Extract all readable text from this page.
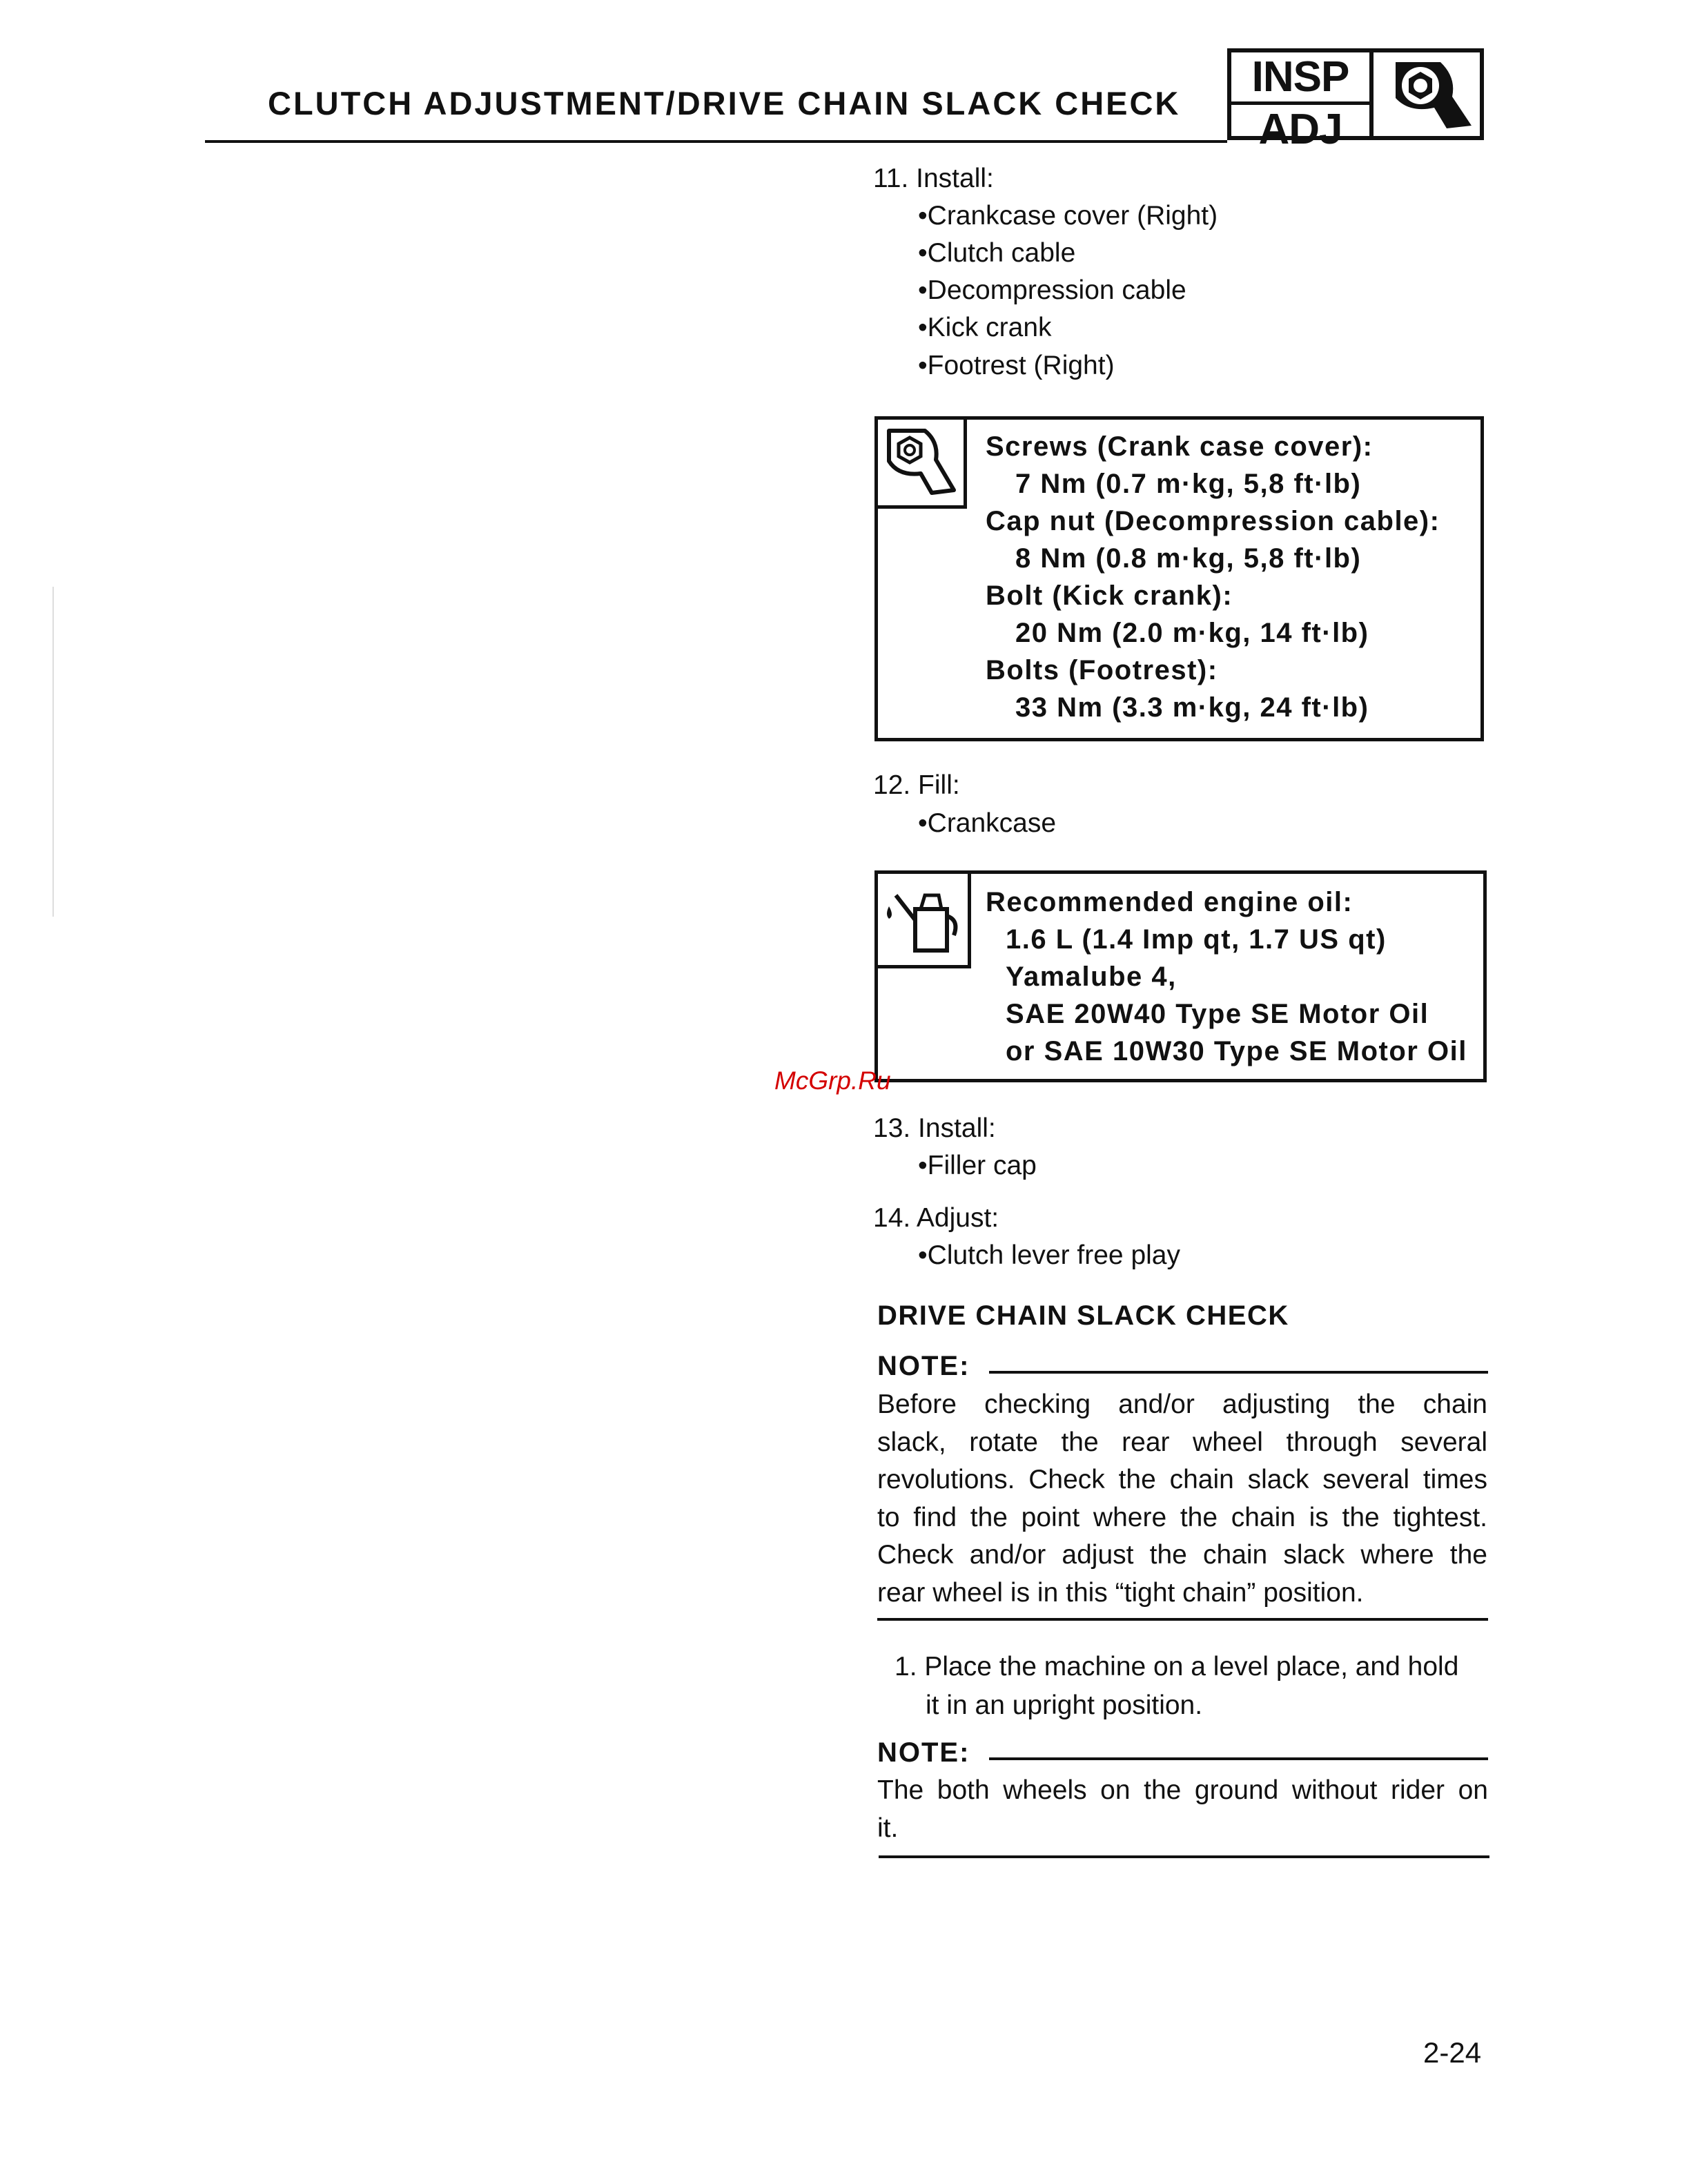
CLUTCH ADJUSTMENT/DRIVE CHAIN SLACK CHECK
INSP
ADJ
11. Install:
•Crankcase cover (Right)
•Clutch cable
•Decompression cable
•Kick crank
•Footrest (Right)
Screws (Crank case cover):
7 Nm (0.7 m·kg, 5,8 ft·lb)
Cap nut (Decompression cable):
8 Nm (0.8 m·kg, 5,8 ft·lb)
Bolt (Kick crank):
20 Nm (2.0 m·kg, 14 ft·lb)
Bolts (Footrest):
33 Nm (3.3 m·kg, 24 ft·lb)
12. Fill:
•Crankcase
Recommended engine oil:
1.6 L (1.4 Imp qt, 1.7 US qt)
Yamalube 4,
SAE 20W40 Type SE Motor Oil
or SAE 10W30 Type SE Motor Oil
McGrp.Ru
13. Install:
•Filler cap
14. Adjust:
•Clutch lever free play
DRIVE CHAIN SLACK CHECK
NOTE:
Before checking and/or adjusting the chain
slack, rotate the rear wheel through several
revolutions. Check the chain slack several times
to find the point where the chain is the tightest.
Check and/or adjust the chain slack where the
rear wheel is in this “tight chain” position.
1. Place the machine on a level place, and hold
it in an upright position.
NOTE:
The both wheels on the ground without rider on
it.
2-24
